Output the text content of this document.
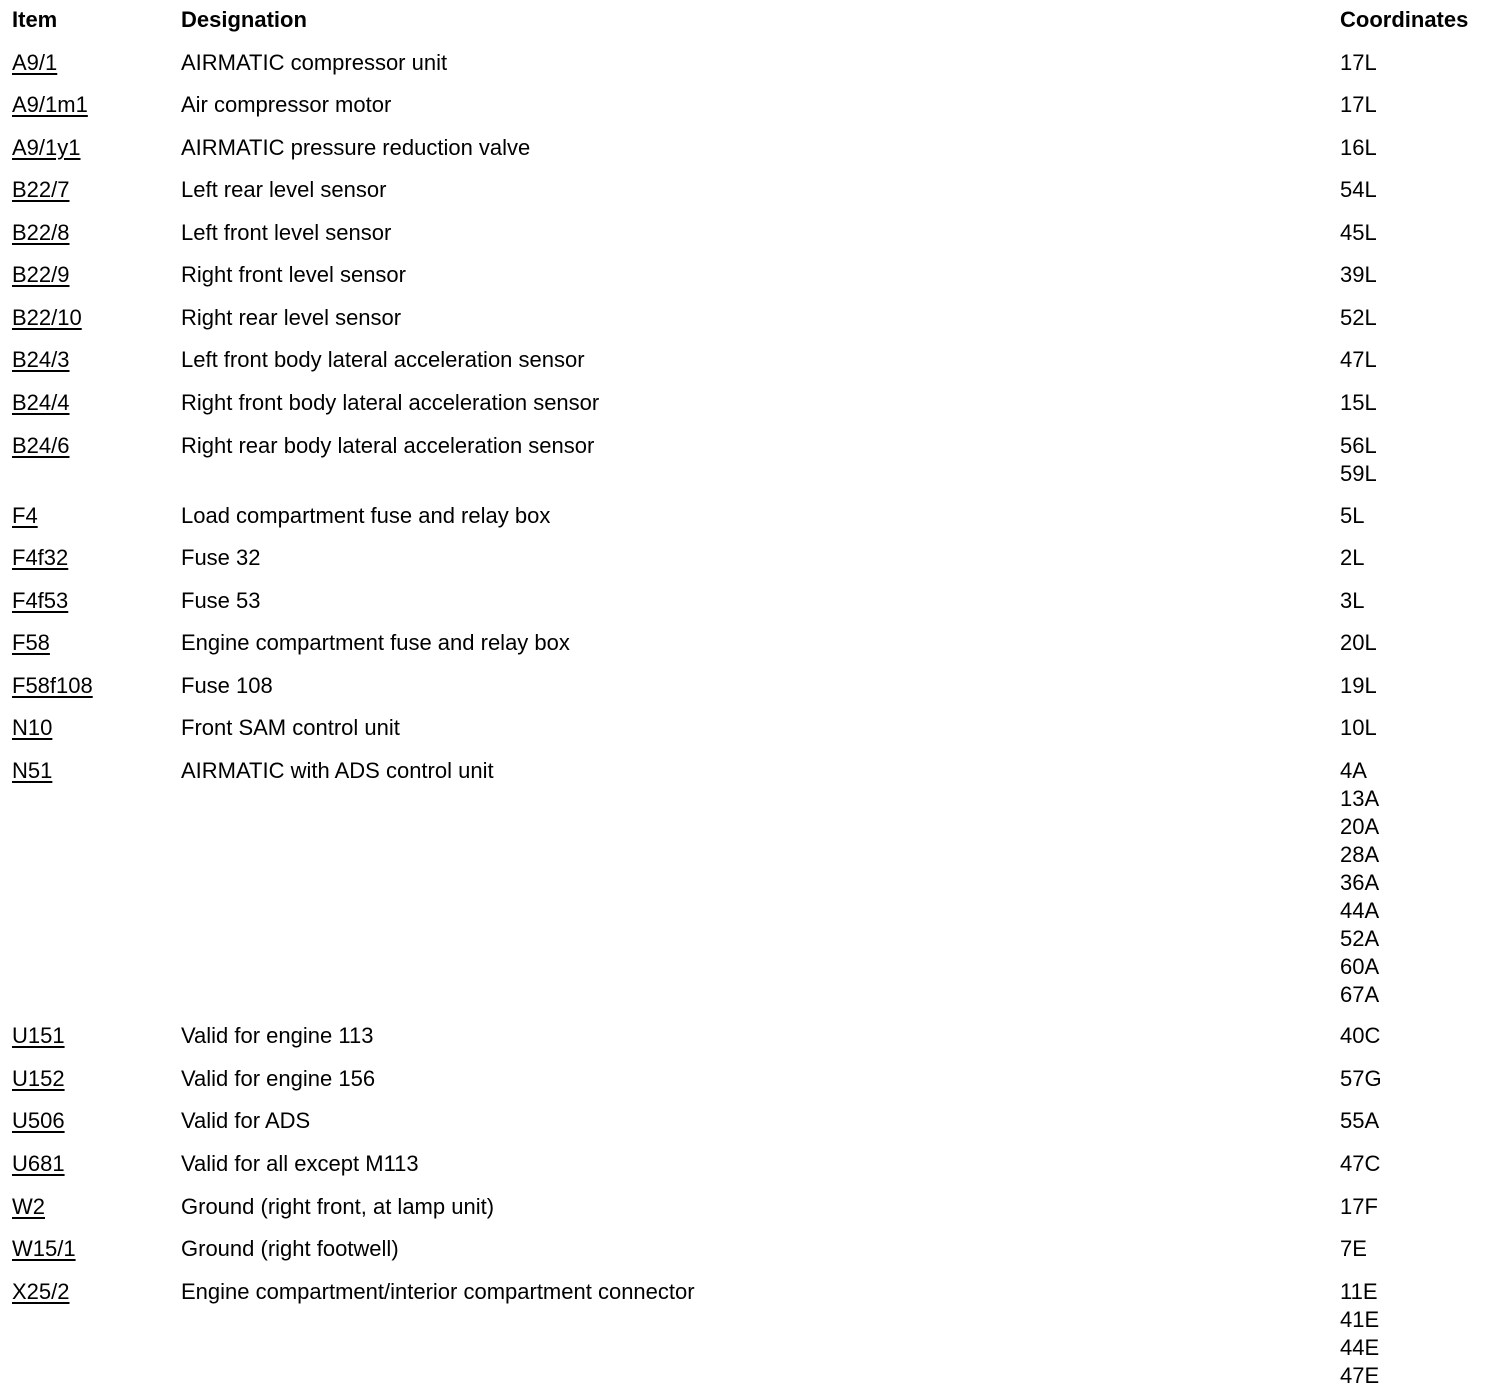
Item	Designation	Coordinates
A9/1	AIRMATIC compressor unit	17L
A9/1m1	Air compressor motor	17L
A9/1y1	AIRMATIC pressure reduction valve	16L
B22/7	Left rear level sensor	54L
B22/8	Left front level sensor	45L
B22/9	Right front level sensor	39L
B22/10	Right rear level sensor	52L
B24/3	Left front body lateral acceleration sensor	47L
B24/4	Right front body lateral acceleration sensor	15L
B24/6	Right rear body lateral acceleration sensor	56L
59L
F4	Load compartment fuse and relay box	5L
F4f32	Fuse 32	2L
F4f53	Fuse 53	3L
F58	Engine compartment fuse and relay box	20L
F58f108	Fuse 108	19L
N10	Front SAM control unit	10L
N51	AIRMATIC with ADS control unit	4A
13A
20A
28A
36A
44A
52A
60A
67A
U151	Valid for engine 113	40C
U152	Valid for engine 156	57G
U506	Valid for ADS	55A
U681	Valid for all except M113	47C
W2	Ground (right front, at lamp unit)	17F
W15/1	Ground (right footwell)	7E
X25/2	Engine compartment/interior compartment connector	11E
41E
44E
47E
